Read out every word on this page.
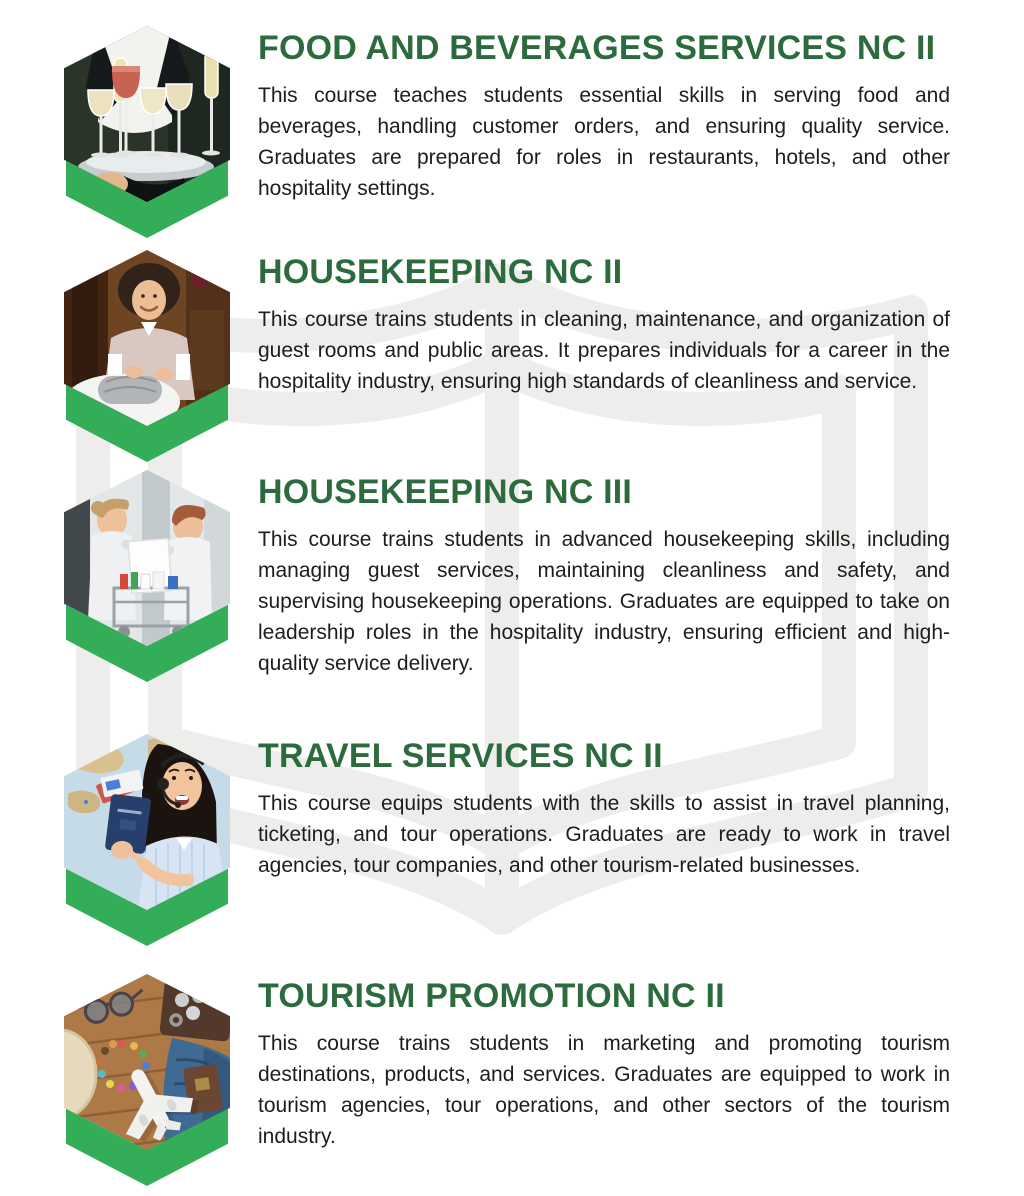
FOOD AND BEVERAGES SERVICES NC II
This course teaches students essential skills in serving food and beverages, handling customer orders, and ensuring quality service. Graduates are prepared for roles in restaurants, hotels, and other hospitality settings.
HOUSEKEEPING NC II
This course trains students in cleaning, maintenance, and organization of guest rooms and public areas. It prepares individuals for a career in the hospitality industry, ensuring high standards of cleanliness and service.
HOUSEKEEPING NC III
This course trains students in advanced housekeeping skills, including managing guest services, maintaining cleanliness and safety, and supervising housekeeping operations. Graduates are equipped to take on leadership roles in the hospitality industry, ensuring efficient and high-quality service delivery.
TRAVEL SERVICES NC II
This course equips students with the skills to assist in travel planning, ticketing, and tour operations. Graduates are ready to work in travel agencies, tour companies, and other tourism-related businesses.
TOURISM PROMOTION NC II
This course trains students in marketing and promoting tourism destinations, products, and services. Graduates are equipped to work in tourism agencies, tour operations, and other sectors of the tourism industry.
